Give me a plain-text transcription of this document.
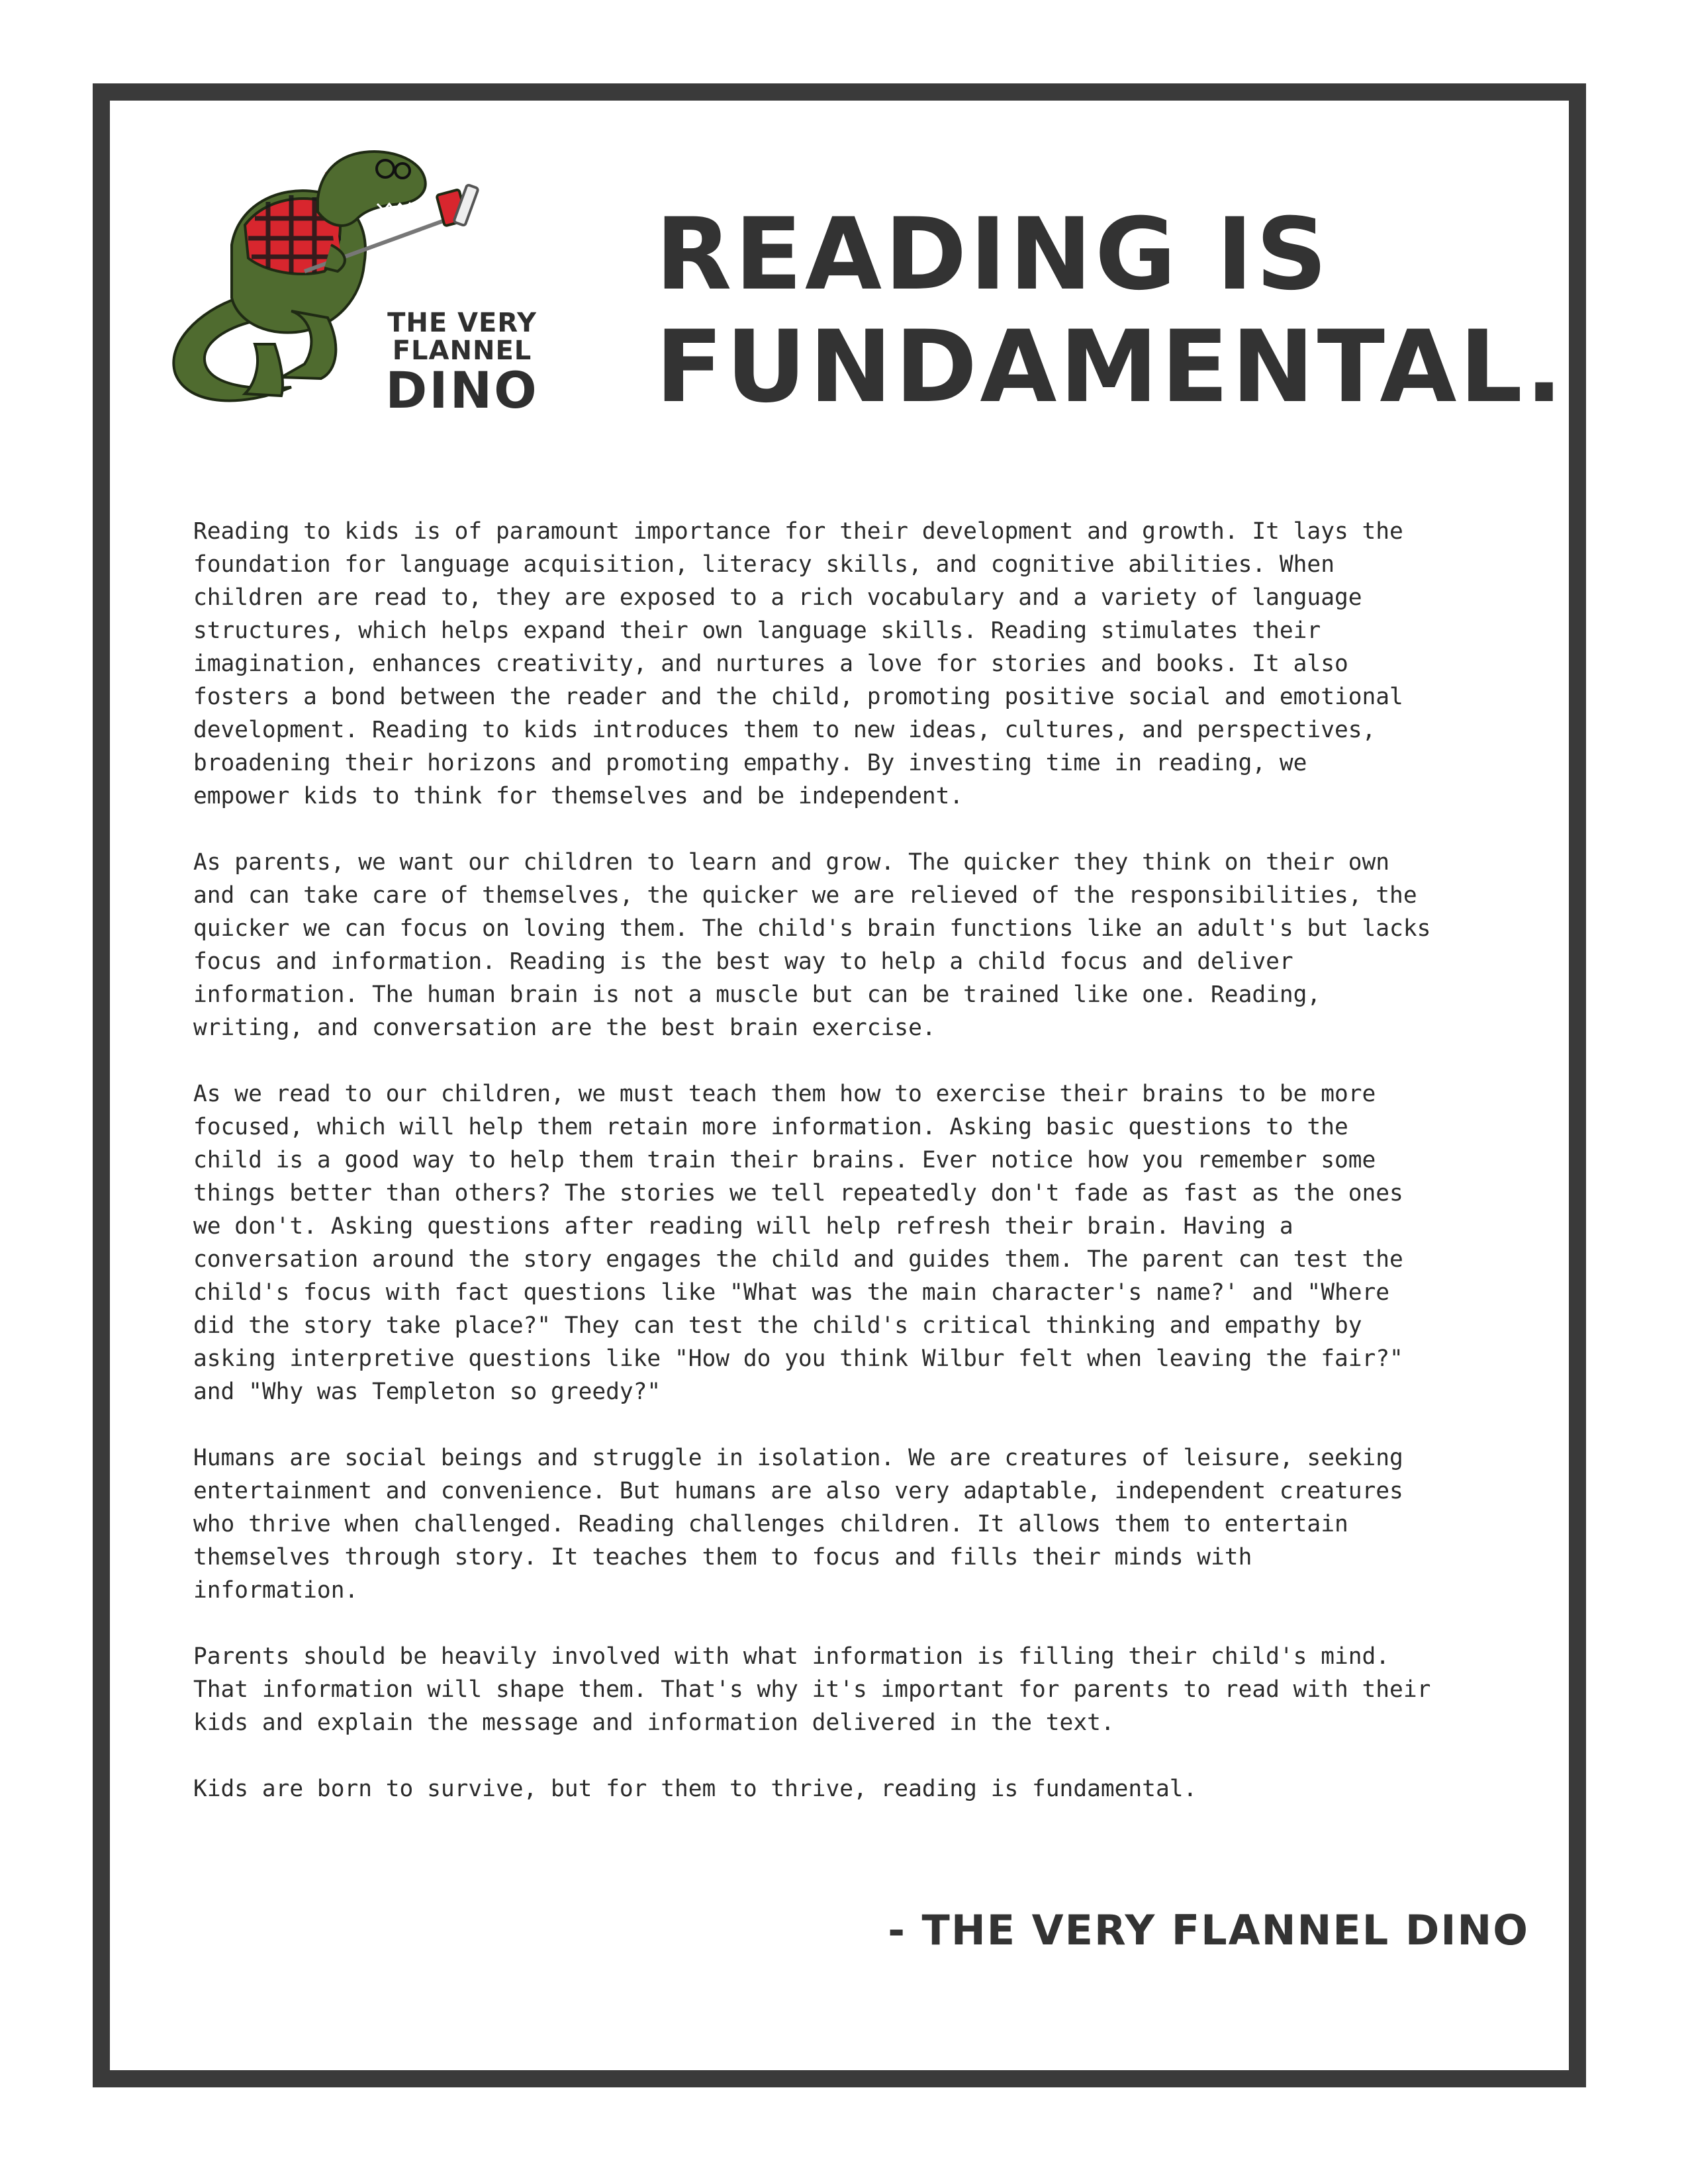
THE VERY
FLANNEL
DINO
READING IS FUNDAMENTAL.

Reading to kids is of paramount importance for their development and growth. It lays the
foundation for language acquisition, literacy skills, and cognitive abilities. When
children are read to, they are exposed to a rich vocabulary and a variety of language
structures, which helps expand their own language skills. Reading stimulates their
imagination, enhances creativity, and nurtures a love for stories and books. It also
fosters a bond between the reader and the child, promoting positive social and emotional
development. Reading to kids introduces them to new ideas, cultures, and perspectives,
broadening their horizons and promoting empathy. By investing time in reading, we
empower kids to think for themselves and be independent.

As parents, we want our children to learn and grow. The quicker they think on their own
and can take care of themselves, the quicker we are relieved of the responsibilities, the
quicker we can focus on loving them. The child's brain functions like an adult's but lacks
focus and information. Reading is the best way to help a child focus and deliver
information. The human brain is not a muscle but can be trained like one. Reading,
writing, and conversation are the best brain exercise.

As we read to our children, we must teach them how to exercise their brains to be more
focused, which will help them retain more information. Asking basic questions to the
child is a good way to help them train their brains. Ever notice how you remember some
things better than others? The stories we tell repeatedly don't fade as fast as the ones
we don't. Asking questions after reading will help refresh their brain. Having a
conversation around the story engages the child and guides them. The parent can test the
child's focus with fact questions like "What was the main character's name?' and "Where
did the story take place?" They can test the child's critical thinking and empathy by
asking interpretive questions like "How do you think Wilbur felt when leaving the fair?"
and "Why was Templeton so greedy?"

Humans are social beings and struggle in isolation. We are creatures of leisure, seeking
entertainment and convenience. But humans are also very adaptable, independent creatures
who thrive when challenged. Reading challenges children. It allows them to entertain
themselves through story. It teaches them to focus and fills their minds with
information.

Parents should be heavily involved with what information is filling their child's mind.
That information will shape them. That's why it's important for parents to read with their
kids and explain the message and information delivered in the text.

Kids are born to survive, but for them to thrive, reading is fundamental.

- THE VERY FLANNEL DINO
